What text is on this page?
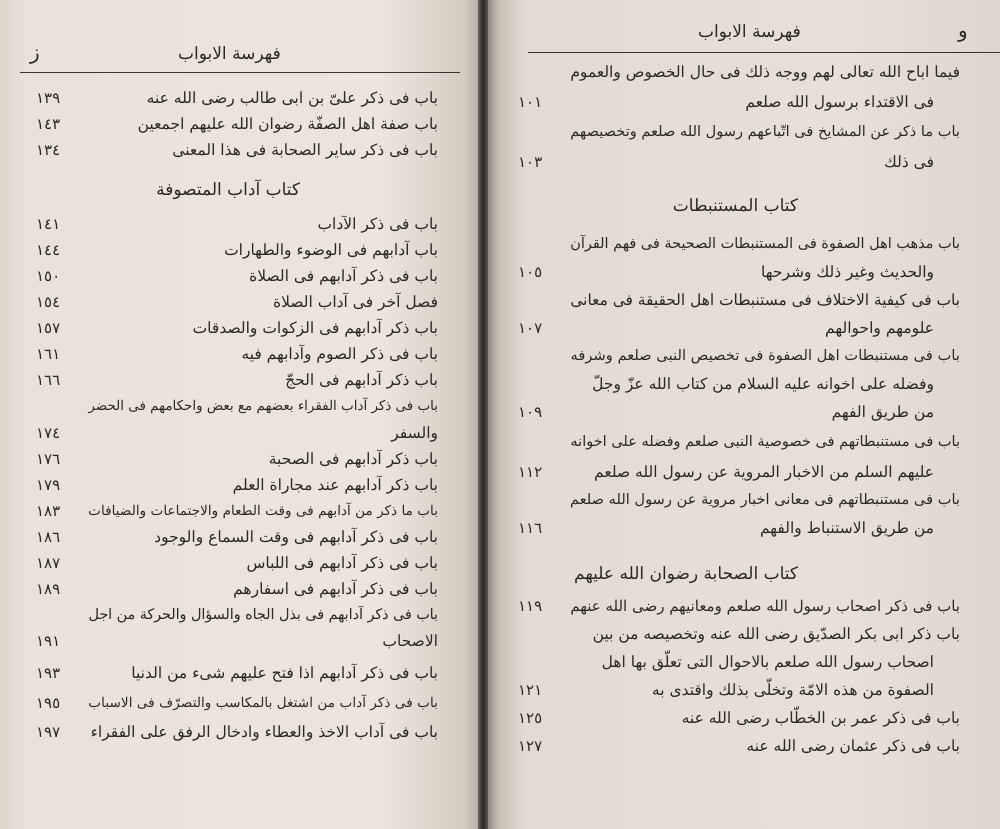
فهرسة الابواب
ز
باب فى ذكر علىّ بن ابى طالب رضى الله عنه
١٣٩
باب صفة اهل الصفّة رضوان الله عليهم اجمعين
١٤٣
باب فى ذكر ساير الصحابة فى هذا المعنى
١٣٤
كتاب آداب المتصوفة
باب فى ذكر الآداب
١٤١
باب آدابهم فى الوضوء والطهارات
١٤٤
باب فى ذكر آدابهم فى الصلاة
١٥٠
فصل آخر فى آداب الصلاة
١٥٤
باب ذكر آدابهم فى الزكوات والصدقات
١٥٧
باب فى ذكر الصوم وآدابهم فيه
١٦١
باب ذكر آدابهم فى الحجّ
١٦٦
باب فى ذكر آداب الفقراء بعضهم مع بعض واحكامهم فى الحضر
والسفر
١٧٤
باب ذكر آدابهم فى الصحبة
١٧٦
باب ذكر آدابهم عند مجاراة العلم
١٧٩
باب ما ذكر من آدابهم فى وقت الطعام والاجتماعات والضيافات
١٨٣
باب فى ذكر آدابهم فى وقت السماع والوجود
١٨٦
باب فى ذكر آدابهم فى اللباس
١٨٧
باب فى ذكر آدابهم فى اسفارهم
١٨٩
باب فى ذكر آدابهم فى بذل الجاه والسؤال والحركة من اجل
الاصحاب
١٩١
باب فى ذكر آدابهم اذا فتح عليهم شىء من الدنيا
١٩٣
باب فى ذكر آداب من اشتغل بالمكاسب والتصرّف فى الاسباب
١٩٥
باب فى آداب الاخذ والعطاء وادخال الرفق على الفقراء
١٩٧
فهرسة الابواب	و
فيما اباح الله تعالى لهم ووجه ذلك فى حال الخصوص والعموم
فى الاقتداء برسول الله صلعم
١٠١
باب ما ذكر عن المشايخ فى اتّباعهم رسول الله صلعم وتخصيصهم
فى ذلك
١٠٣
كتاب المستنبطات
باب مذهب اهل الصفوة فى المستنبطات الصحيحة فى فهم القرآن
والحديث وغير ذلك وشرحها
١٠٥
باب فى كيفية الاختلاف فى مستنبطات اهل الحقيقة فى معانى
علومهم واحوالهم
١٠٧
باب فى مستنبطات اهل الصفوة فى تخصيص النبى صلعم وشرفه
وفضله على اخوانه عليه السلام من كتاب الله عزّ وجلّ
من طريق الفهم
١٠٩
باب فى مستنبطاتهم فى خصوصية النبى صلعم وفضله على اخوانه
عليهم السلم من الاخبار المروية عن رسول الله صلعم
١١٢
باب فى مستنبطاتهم فى معانى اخبار مروية عن رسول الله صلعم
من طريق الاستنباط والفهم
١١٦
كتاب الصحابة رضوان الله عليهم
باب فى ذكر اصحاب رسول الله صلعم ومعانيهم رضى الله عنهم
١١٩
باب ذكر ابى بكر الصدّيق رضى الله عنه وتخصيصه من بين
اصحاب رسول الله صلعم بالاحوال التى تعلّق بها اهل
الصفوة من هذه الامّة وتخلّى بذلك واقتدى به
١٢١
باب فى ذكر عمر بن الخطّاب رضى الله عنه
١٢٥
باب فى ذكر عثمان رضى الله عنه
١٢٧
